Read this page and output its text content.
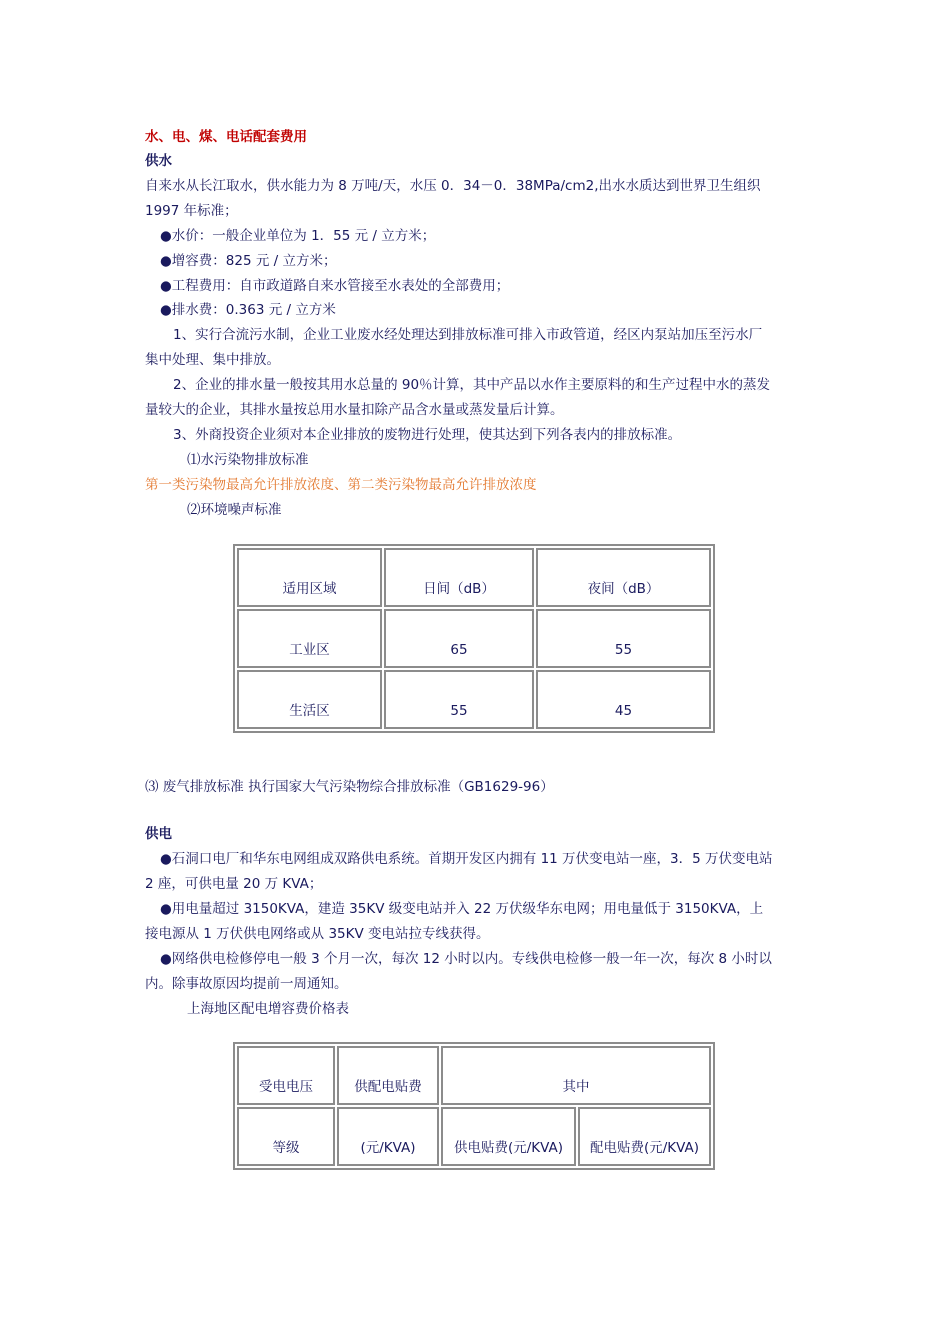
水、电、煤、电话配套费用
供水
自来水从长江取水，供水能力为 8 万吨/天，水压 0．34－0．38MPa/cm2,出水水质达到世界卫生组织
1997 年标准；
●水价：一般企业单位为 1．55 元 / 立方米；
●增容费：825 元 / 立方米；
●工程费用：自市政道路自来水管接至水表处的全部费用；
●排水费：0.363 元 / 立方米
1、实行合流污水制，企业工业废水经处理达到排放标准可排入市政管道，经区内泵站加压至污水厂
集中处理、集中排放。
2、企业的排水量一般按其用水总量的 90％计算，其中产品以水作主要原料的和生产过程中水的蒸发
量较大的企业，其排水量按总用水量扣除产品含水量或蒸发量后计算。
3、外商投资企业须对本企业排放的废物进行处理，使其达到下列各表内的排放标准。
⑴水污染物排放标准
第一类污染物最高允许排放浓度、第二类污染物最高允许排放浓度
⑵环境噪声标准
适用区域	日间（dB）	夜间（dB）
工业区	65	55
生活区	55	45
⑶ 废气排放标准 执行国家大气污染物综合排放标准（GB1629-96）
供电
●石洞口电厂和华东电网组成双路供电系统。首期开发区内拥有 11 万伏变电站一座，3．5 万伏变电站
2 座，可供电量 20 万 KVA；
●用电量超过 3150KVA，建造 35KV 级变电站并入 22 万伏级华东电网；用电量低于 3150KVA，上
接电源从 1 万伏供电网络或从 35KV 变电站拉专线获得。
●网络供电检修停电一般 3 个月一次，每次 12 小时以内。专线供电检修一般一年一次，每次 8 小时以
内。除事故原因均提前一周通知。
上海地区配电增容费价格表
受电电压	供配电贴费	其中	
等级	(元/KVA)	供电贴费(元/KVA)	配电贴费(元/KVA)
